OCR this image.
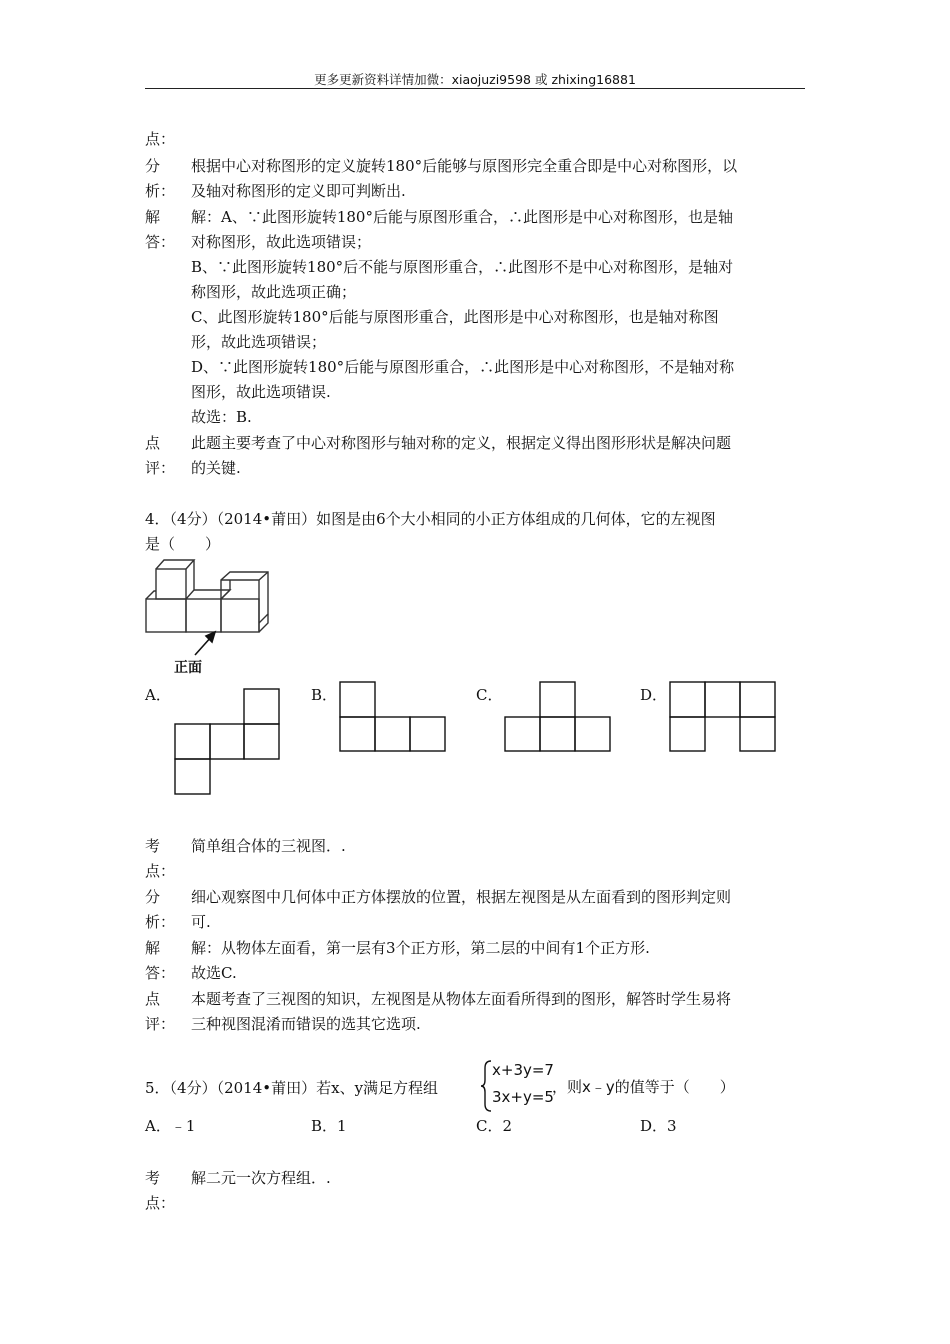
更多更新资料详情加微：xiaojuzi9598 或 zhixing16881
点：
分 根据中心对称图形的定义旋转180°后能够与原图形完全重合即是中心对称图形，以
析： 及轴对称图形的定义即可判断出.
解 解：A、∵此图形旋转180°后能与原图形重合，∴此图形是中心对称图形，也是轴
答： 对称图形，故此选项错误；
B、∵此图形旋转180°后不能与原图形重合，∴此图形不是中心对称图形，是轴对
称图形，故此选项正确；
C、此图形旋转180°后能与原图形重合，此图形是中心对称图形，也是轴对称图
形，故此选项错误；
D、∵此图形旋转180°后能与原图形重合，∴此图形是中心对称图形，不是轴对称
图形，故此选项错误.
故选：B.
点 此题主要考查了中心对称图形与轴对称的定义，根据定义得出图形形状是解决问题
评： 的关键.
4．（4分）（2014•莆田）如图是由6个大小相同的小正方体组成的几何体，它的左视图
是（　　）
正面
A．	B．	C．	D．
考 简单组合体的三视图．.
点：
分 细心观察图中几何体中正方体摆放的位置，根据左视图是从左面看到的图形判定则
析： 可.
解 解：从物体左面看，第一层有3个正方形，第二层的中间有1个正方形.
答： 故选C.
点 本题考查了三视图的知识，左视图是从物体左面看所得到的图形，解答时学生易将
评： 三种视图混淆而错误的选其它选项.
5．（4分）（2014•莆田）若x、y满足方程组
x+3y=7
3x+y=5
，则x﹣y的值等于（　　）
A．﹣1	B．1	C．2	D．3
考 解二元一次方程组．.
点：
